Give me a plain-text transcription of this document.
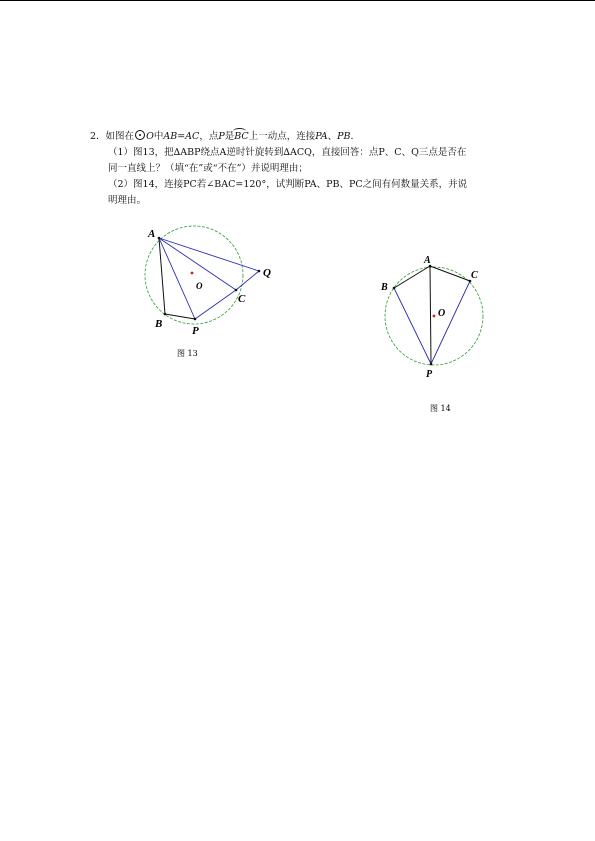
2．如图在 O中AB=AC，点P是BC上一动点，连接PA、PB．

（1）图13，把∆ABP绕点A逆时针旋转到∆ACQ，直接回答：点P、C、Q三点是否在

同一直线上？（填“在”或“不在”）并说明理由；

（2）图14，连接PC若∠BAC=120°，试判断PA、PB、PC之间有何数量关系，并说

明理由。

A
B
P
C
Q
O
图 13
A
B
C
P
O
图 14
